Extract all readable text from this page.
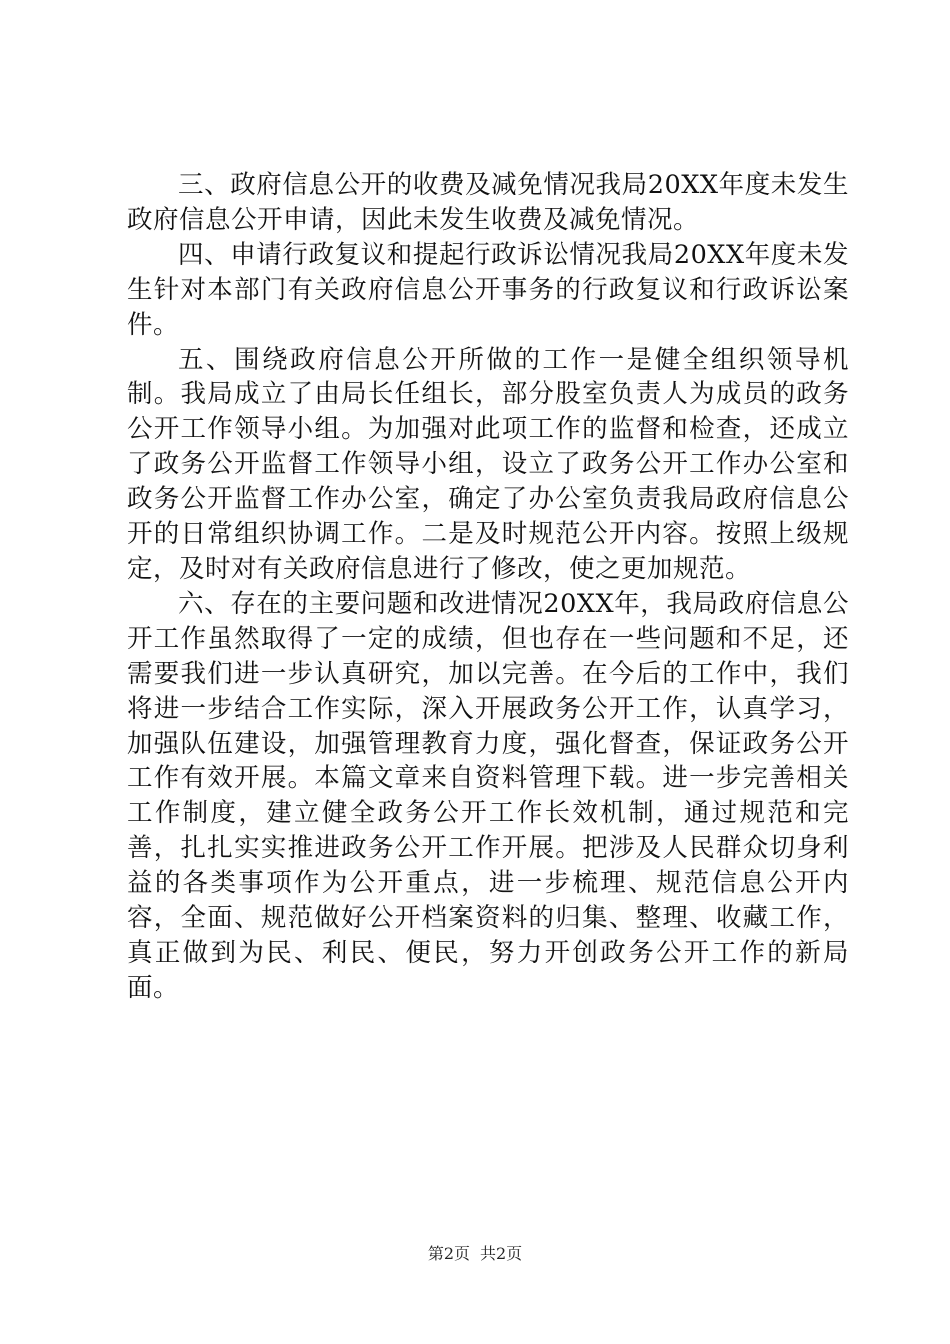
三、政府信息公开的收费及减免情况我局20XX年度未发生政府信息公开申请，因此未发生收费及减免情况。

四、申请行政复议和提起行政诉讼情况我局20XX年度未发生针对本部门有关政府信息公开事务的行政复议和行政诉讼案件。

五、围绕政府信息公开所做的工作一是健全组织领导机制。我局成立了由局长任组长，部分股室负责人为成员的政务公开工作领导小组。为加强对此项工作的监督和检查，还成立了政务公开监督工作领导小组，设立了政务公开工作办公室和政务公开监督工作办公室，确定了办公室负责我局政府信息公开的日常组织协调工作。二是及时规范公开内容。按照上级规定，及时对有关政府信息进行了修改，使之更加规范。

六、存在的主要问题和改进情况20XX年，我局政府信息公开工作虽然取得了一定的成绩，但也存在一些问题和不足，还需要我们进一步认真研究，加以完善。在今后的工作中，我们将进一步结合工作实际，深入开展政务公开工作，认真学习，加强队伍建设，加强管理教育力度，强化督查，保证政务公开工作有效开展。本篇文章来自资料管理下载。进一步完善相关工作制度，建立健全政务公开工作长效机制，通过规范和完善，扎扎实实推进政务公开工作开展。把涉及人民群众切身利益的各类事项作为公开重点，进一步梳理、规范信息公开内容，全面、规范做好公开档案资料的归集、整理、收藏工作，真正做到为民、利民、便民，努力开创政务公开工作的新局面。

第2页 共2页
